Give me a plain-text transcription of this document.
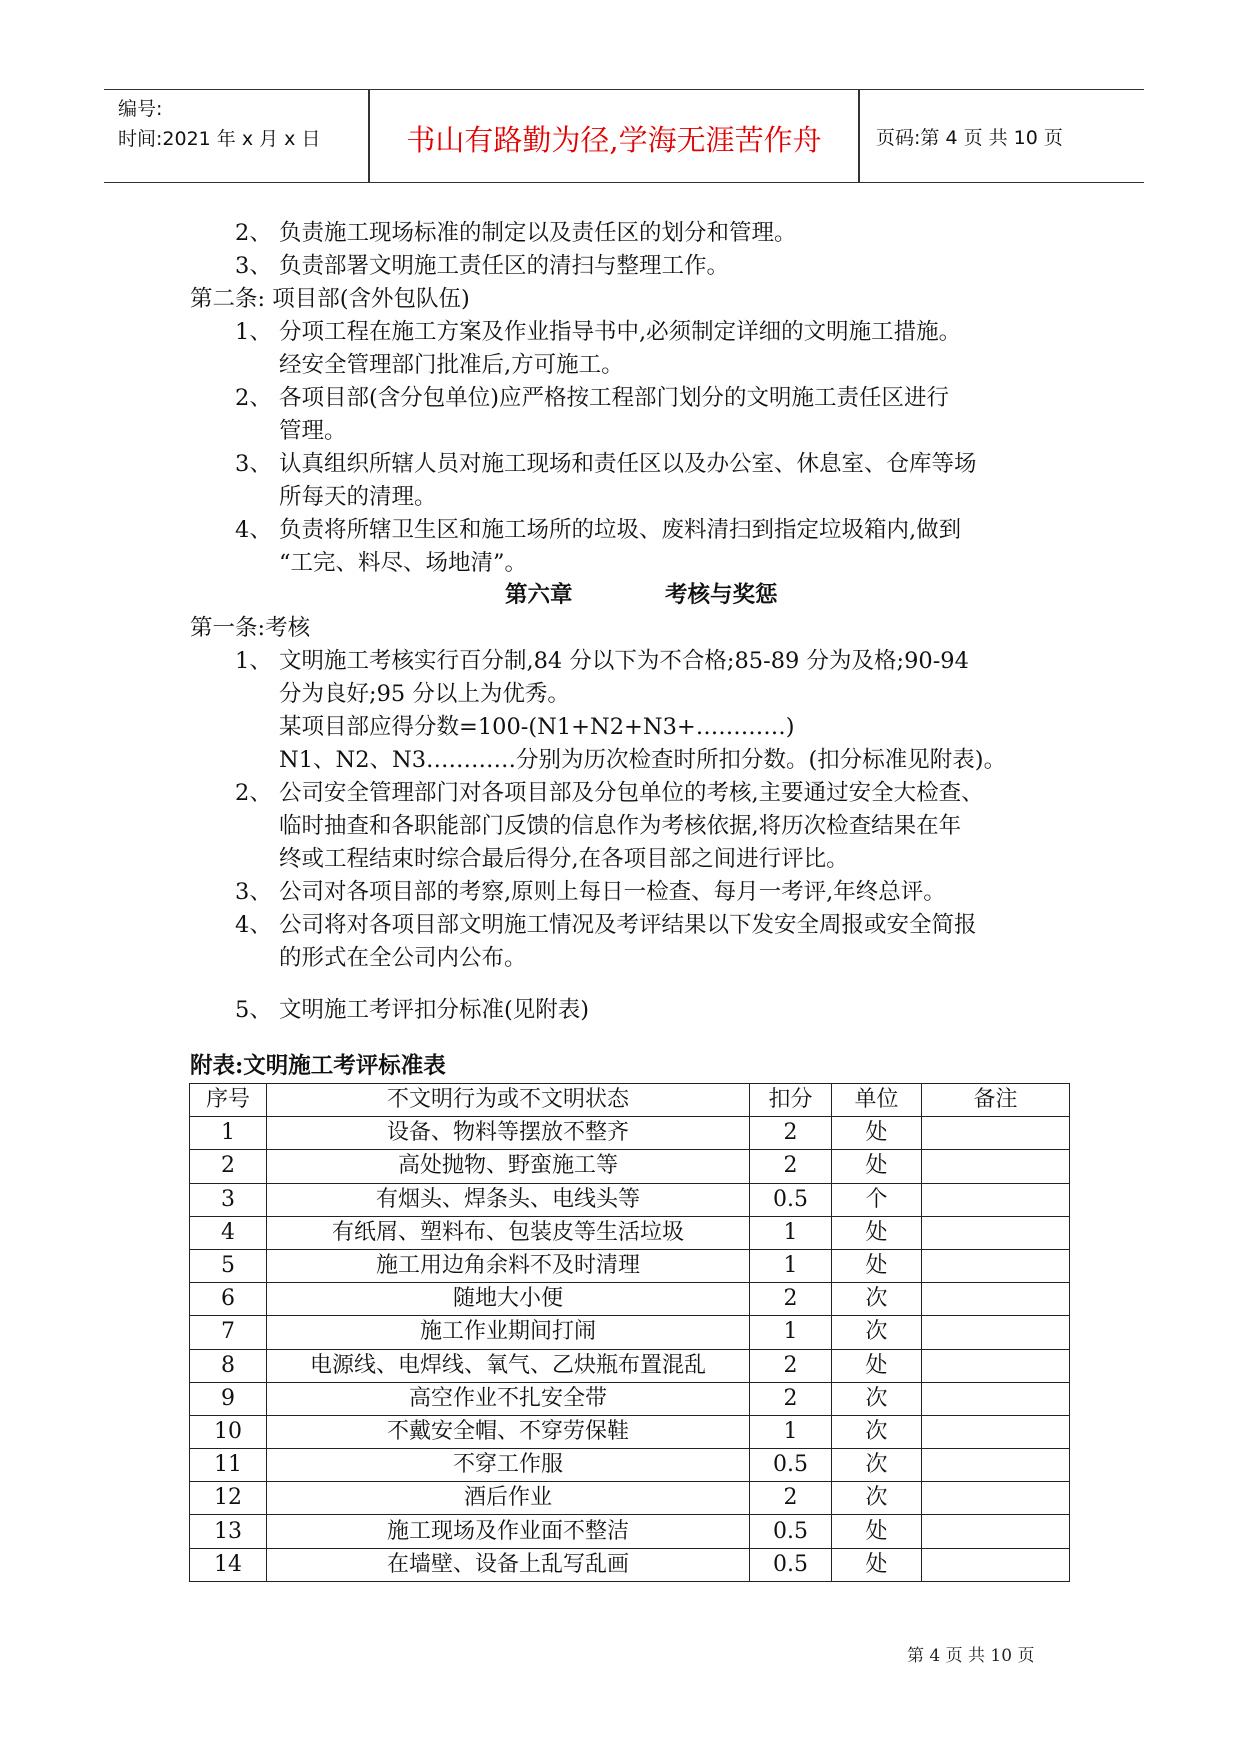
编号:
时间:2021 年 x 月 x 日	书山有路勤为径,学海无涯苦作舟	页码:第 4 页 共 10 页
2、 负责施工现场标准的制定以及责任区的划分和管理。
3、 负责部署文明施工责任区的清扫与整理工作。
第二条: 项目部(含外包队伍)
1、 分项工程在施工方案及作业指导书中,必须制定详细的文明施工措施。
经安全管理部门批准后,方可施工。
2、 各项目部(含分包单位)应严格按工程部门划分的文明施工责任区进行
管理。
3、 认真组织所辖人员对施工现场和责任区以及办公室、休息室、仓库等场
所每天的清理。
4、 负责将所辖卫生区和施工场所的垃圾、废料清扫到指定垃圾箱内,做到
“工完、料尽、场地清”。
第六章	考核与奖惩
第一条:考核
1、 文明施工考核实行百分制,84 分以下为不合格;85-89 分为及格;90-94
分为良好;95 分以上为优秀。
某项目部应得分数=100-(N1+N2+N3+…………)
N1、N2、N3…………分别为历次检查时所扣分数。(扣分标准见附表)。
2、 公司安全管理部门对各项目部及分包单位的考核,主要通过安全大检查、
临时抽查和各职能部门反馈的信息作为考核依据,将历次检查结果在年
终或工程结束时综合最后得分,在各项目部之间进行评比。
3、 公司对各项目部的考察,原则上每日一检查、每月一考评,年终总评。
4、 公司将对各项目部文明施工情况及考评结果以下发安全周报或安全简报
的形式在全公司内公布。
5、 文明施工考评扣分标准(见附表)
附表:文明施工考评标准表
序号	不文明行为或不文明状态	扣分	单位	备注
1	设备、物料等摆放不整齐	2	处	
2	高处抛物、野蛮施工等	2	处	
3	有烟头、焊条头、电线头等	0.5	个	
4	有纸屑、塑料布、包装皮等生活垃圾	1	处	
5	施工用边角余料不及时清理	1	处	
6	随地大小便	2	次	
7	施工作业期间打闹	1	次	
8	电源线、电焊线、氧气、乙炔瓶布置混乱	2	处	
9	高空作业不扎安全带	2	次	
10	不戴安全帽、不穿劳保鞋	1	次	
11	不穿工作服	0.5	次	
12	酒后作业	2	次	
13	施工现场及作业面不整洁	0.5	处	
14	在墙壁、设备上乱写乱画	0.5	处	
第 4 页 共 10 页
